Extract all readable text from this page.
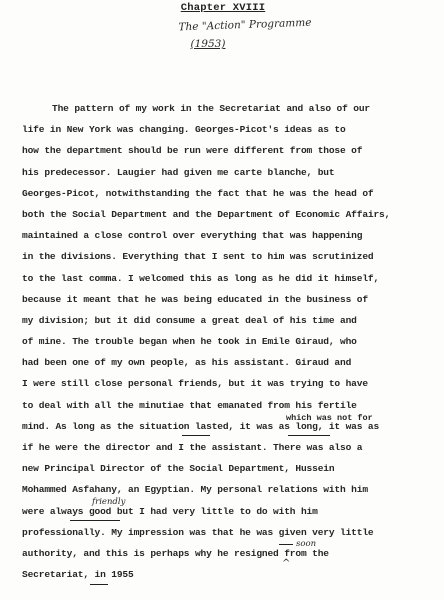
Chapter XVIII
The "Action" Programme
(1953)
The pattern of my work in the Secretariat and also of our
life in New York was changing. Georges-Picot's ideas as to
how the department should be run were different from those of
his predecessor. Laugier had given me carte blanche, but
Georges-Picot, notwithstanding the fact that he was the head of
both the Social Department and the Department of Economic Affairs,
maintained a close control over everything that was happening
in the divisions. Everything that I sent to him was scrutinized
to the last comma. I welcomed this as long as he did it himself,
because it meant that he was being educated in the business of
my division; but it did consume a great deal of his time and
of mine. The trouble began when he took in Emile Giraud, who
had been one of my own people, as his assistant. Giraud and
I were still close personal friends, but it was trying to have
to deal with all the minutiae that emanated from his fertile
mind. As long as the situation lasted, it was as long, it was as
if he were the director and I the assistant. There was also a
new Principal Director of the Social Department, Hussein
Mohammed Asfahany, an Egyptian. My personal relations with him
were always good but I had very little to do with him
professionally. My impression was that he was given very little
authority, and this is perhaps why he resigned from the
Secretariat, in 1955
which was not for
friendly
soon
^
